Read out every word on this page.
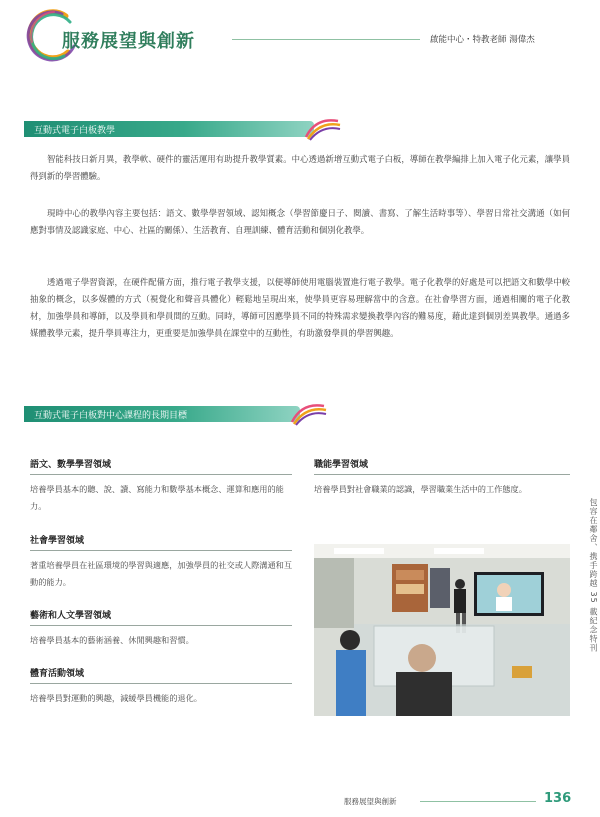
服務展望與創新	啟能中心・特教老師 湯偉杰
互動式電子白板教學

智能科技日新月異，教學軟、硬件的靈活運用有助提升教學質素。中心透過新增互動式電子白板，導師在教學編排上加入電子化元素，讓學員得到新的學習體驗。

現時中心的教學內容主要包括：語文、數學學習領域、認知概念（學習節慶日子、閱讀、書寫、了解生活時事等）、學習日常社交溝通（如何應對事情及認識家庭、中心、社區的關係）、生活教育、自理訓練、體育活動和個別化教學。

透過電子學習資源，在硬件配備方面，推行電子教學支援，以便導師使用電腦裝置進行電子教學。電子化教學的好處是可以把語文和數學中較抽象的概念，以多媒體的方式（視覺化和聲音具體化）輕鬆地呈現出來，使學員更容易理解當中的含意。在社會學習方面，通過相關的電子化教材，加強學員和導師，以及學員和學員間的互動。同時，導師可因應學員不同的特殊需求變換教學內容的難易度，藉此達到個別差異教學。通過多媒體教學元素，提升學員專注力，更重要是加強學員在課堂中的互動性，有助激發學員的學習興趣。

互動式電子白板對中心課程的長期目標
語文、數學學習領域
培養學員基本的聽、說、讀、寫能力和數學基本概念、運算和應用的能力。
社會學習領域
著重培養學員在社區環境的學習與適應，加強學員的社交或人際溝通和互動的能力。
藝術和人文學習領域
培養學員基本的藝術涵養、休閒興趣和習慣。
體育活動領域
培養學員對運動的興趣，減緩學員機能的退化。
職能學習領域
培養學員對社會職業的認識，學習職業生活中的工作態度。
包容在鄰舍、携手跨越 35 載紀念特刊
服務展望與創新	136
